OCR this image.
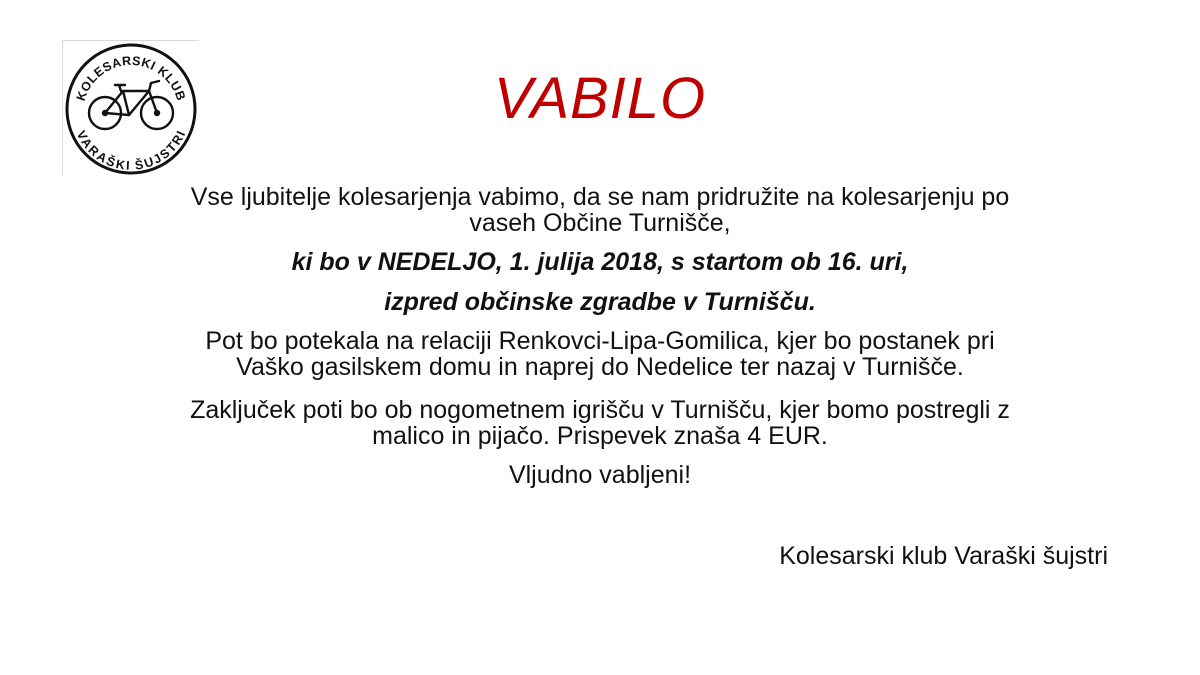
KOLESARSKI KLUB
VARAŠKI ŠUJSTRI
VABILO
Vse ljubitelje kolesarjenja vabimo, da se nam pridružite na kolesarjenju po
vaseh Občine Turnišče,
ki bo v NEDELJO, 1. julija 2018, s startom ob 16. uri,
izpred občinske zgradbe v Turnišču.
Pot bo potekala na relaciji Renkovci-Lipa-Gomilica, kjer bo postanek pri
Vaško gasilskem domu in naprej do Nedelice ter nazaj v Turnišče.
Zaključek poti bo ob nogometnem igrišču v Turnišču, kjer bomo postregli z
malico in pijačo. Prispevek znaša 4 EUR.
Vljudno vabljeni!
Kolesarski klub Varaški šujstri
